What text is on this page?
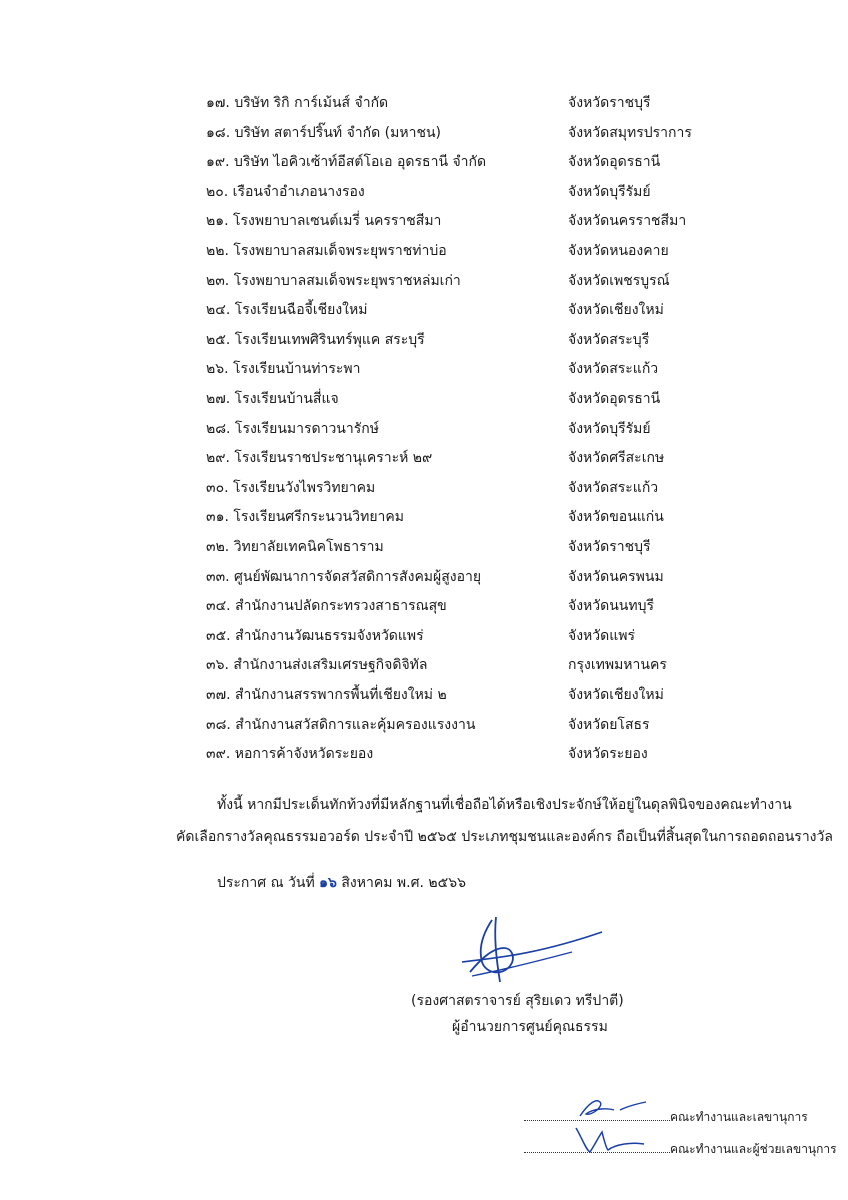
๑๗. บริษัท ริกิ การ์เม้นส์ จำกัด	จังหวัดราชบุรี
๑๘. บริษัท สตาร์ปริ๊นท์ จำกัด (มหาชน)	จังหวัดสมุทรปราการ
๑๙. บริษัท ไอคิวเซ้าท์อีสต์โอเอ อุดรธานี จำกัด	จังหวัดอุดรธานี
๒๐. เรือนจำอำเภอนางรอง	จังหวัดบุรีรัมย์
๒๑. โรงพยาบาลเซนต์เมรี่ นครราชสีมา	จังหวัดนครราชสีมา
๒๒. โรงพยาบาลสมเด็จพระยุพราชท่าบ่อ	จังหวัดหนองคาย
๒๓. โรงพยาบาลสมเด็จพระยุพราชหล่มเก่า	จังหวัดเพชรบูรณ์
๒๔. โรงเรียนฉือจี้เชียงใหม่	จังหวัดเชียงใหม่
๒๕. โรงเรียนเทพศิรินทร์พุแค สระบุรี	จังหวัดสระบุรี
๒๖. โรงเรียนบ้านท่าระพา	จังหวัดสระแก้ว
๒๗. โรงเรียนบ้านสี่แจ	จังหวัดอุดรธานี
๒๘. โรงเรียนมารดาวนารักษ์	จังหวัดบุรีรัมย์
๒๙. โรงเรียนราชประชานุเคราะห์ ๒๙	จังหวัดศรีสะเกษ
๓๐. โรงเรียนวังไพรวิทยาคม	จังหวัดสระแก้ว
๓๑. โรงเรียนศรีกระนวนวิทยาคม	จังหวัดขอนแก่น
๓๒. วิทยาลัยเทคนิคโพธาราม	จังหวัดราชบุรี
๓๓. ศูนย์พัฒนาการจัดสวัสดิการสังคมผู้สูงอายุ	จังหวัดนครพนม
๓๔. สำนักงานปลัดกระทรวงสาธารณสุข	จังหวัดนนทบุรี
๓๕. สำนักงานวัฒนธรรมจังหวัดแพร่	จังหวัดแพร่
๓๖. สำนักงานส่งเสริมเศรษฐกิจดิจิทัล	กรุงเทพมหานคร
๓๗. สำนักงานสรรพากรพื้นที่เชียงใหม่ ๒	จังหวัดเชียงใหม่
๓๘. สำนักงานสวัสดิการและคุ้มครองแรงงาน	จังหวัดยโสธร
๓๙. หอการค้าจังหวัดระยอง	จังหวัดระยอง
ทั้งนี้ หากมีประเด็นทักท้วงที่มีหลักฐานที่เชื่อถือได้หรือเชิงประจักษ์ให้อยู่ในดุลพินิจของคณะทำงาน
คัดเลือกรางวัลคุณธรรมอวอร์ด ประจำปี ๒๕๖๕ ประเภทชุมชนและองค์กร ถือเป็นที่สิ้นสุดในการถอดถอนรางวัล
ประกาศ ณ วันที่ ๑๖ สิงหาคม พ.ศ. ๒๕๖๖
(รองศาสตราจารย์ สุริยเดว ทรีปาตี)
ผู้อำนวยการศูนย์คุณธรรม
คณะทำงานและเลขานุการ
คณะทำงานและผู้ช่วยเลขานุการ
